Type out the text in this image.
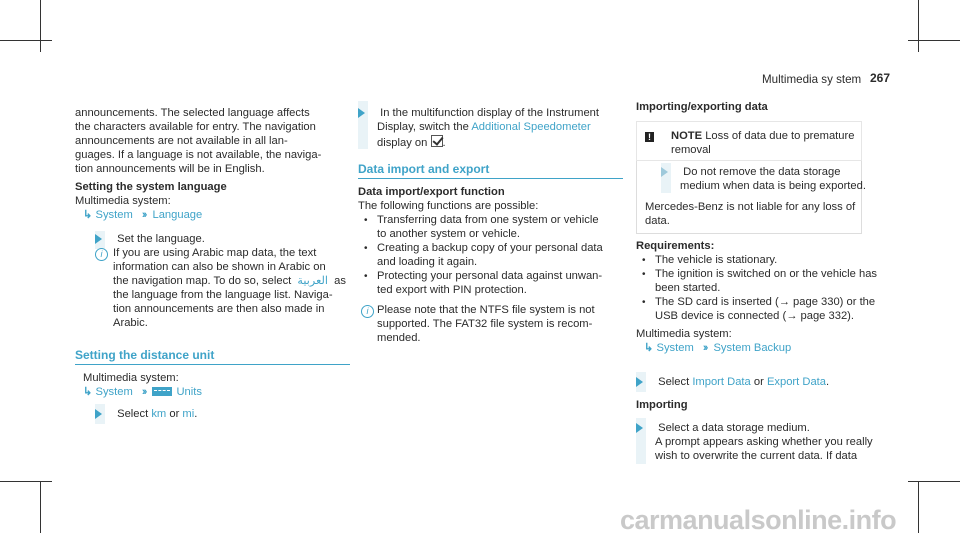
Multimedia sy stem 267
announcements. The selected language affects
the characters available for entry. The navigation
announcements are not available in all lan-
guages. If a language is not available, the naviga-
tion announcements will be in English.
Setting the system language
Multimedia system:
↳ System ›› Language
Set the language.
i If you are using Arabic map data, the text
information can also be shown in Arabic on
the navigation map. To do so, select العربية as
the language from the language list. Naviga-
tion announcements are then also made in
Arabic.
Setting the distance unit
Multimedia system:
↳ System ››	Units
Select km or mi.
In the multifunction display of the Instrument
Display, switch the Additional Speedometer
display on .
Data import and export
Data import/export function
The following functions are possible:
• Transferring data from one system or vehicle
to another system or vehicle.
• Creating a backup copy of your personal data
and loading it again.
• Protecting your personal data against unwan-
ted export with PIN protection.
i Please note that the NTFS file system is not
supported. The FAT32 file system is recom-
mended.
Importing/exporting data
! NOTE Loss of data due to premature
removal
Do not remove the data storage
medium when data is being exported.
Mercedes-Benz is not liable for any loss of
data.
Requirements:
• The vehicle is stationary.
• The ignition is switched on or the vehicle has
been started.
• The SD card is inserted (→ page 330) or the
USB device is connected (→ page 332).
Multimedia system:
↳ System ›› System Backup
Select Import Data or Export Data.
Importing
Select a data storage medium.
A prompt appears asking whether you really
wish to overwrite the current data. If data
carmanualsonline.info
